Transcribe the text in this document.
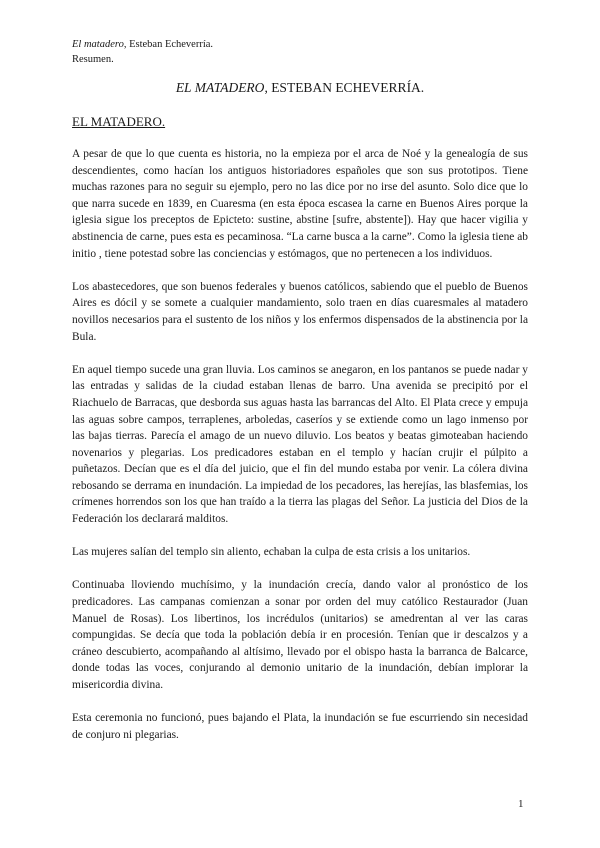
El matadero, Esteban Echeverría.
Resumen.
EL MATADERO, ESTEBAN ECHEVERRÍA.
EL MATADERO.

A pesar de que lo que cuenta es historia, no la empieza por el arca de Noé y la genealogía de sus descendientes, como hacían los antiguos historiadores españoles que son sus prototipos. Tiene muchas razones para no seguir su ejemplo, pero no las dice por no irse del asunto. Solo dice que lo que narra sucede en 1839, en Cuaresma (en esta época escasea la carne en Buenos Aires porque la iglesia sigue los preceptos de Epicteto: sustine, abstine [sufre, abstente]). Hay que hacer vigilia y abstinencia de carne, pues esta es pecaminosa. “La carne busca a la carne”. Como la iglesia tiene ab initio , tiene potestad sobre las conciencias y estómagos, que no pertenecen a los individuos.

Los abastecedores, que son buenos federales y buenos católicos, sabiendo que el pueblo de Buenos Aires es dócil y se somete a cualquier mandamiento, solo traen en días cuaresmales al matadero novillos necesarios para el sustento de los niños y los enfermos dispensados de la abstinencia por la Bula.

En aquel tiempo sucede una gran lluvia. Los caminos se anegaron, en los pantanos se puede nadar y las entradas y salidas de la ciudad estaban llenas de barro. Una avenida se precipitó por el Riachuelo de Barracas, que desborda sus aguas hasta las barrancas del Alto. El Plata crece y empuja las aguas sobre campos, terraplenes, arboledas, caseríos y se extiende como un lago inmenso por las bajas tierras. Parecía el amago de un nuevo diluvio. Los beatos y beatas gimoteaban haciendo novenarios y plegarias. Los predicadores estaban en el templo y hacían crujir el púlpito a puñetazos. Decían que es el día del juicio, que el fin del mundo estaba por venir. La cólera divina rebosando se derrama en inundación. La impiedad de los pecadores, las herejías, las blasfemias, los crímenes horrendos son los que han traído a la tierra las plagas del Señor. La justicia del Dios de la Federación los declarará malditos.

Las mujeres salían del templo sin aliento, echaban la culpa de esta crisis a los unitarios.

Continuaba lloviendo muchísimo, y la inundación crecía, dando valor al pronóstico de los predicadores. Las campanas comienzan a sonar por orden del muy católico Restaurador (Juan Manuel de Rosas). Los libertinos, los incrédulos (unitarios) se amedrentan al ver las caras compungidas. Se decía que toda la población debía ir en procesión. Tenían que ir descalzos y a cráneo descubierto, acompañando al altísimo, llevado por el obispo hasta la barranca de Balcarce, donde todas las voces, conjurando al demonio unitario de la inundación, debían implorar la misericordia divina.

Esta ceremonia no funcionó, pues bajando el Plata, la inundación se fue escurriendo sin necesidad de conjuro ni plegarias.

1
